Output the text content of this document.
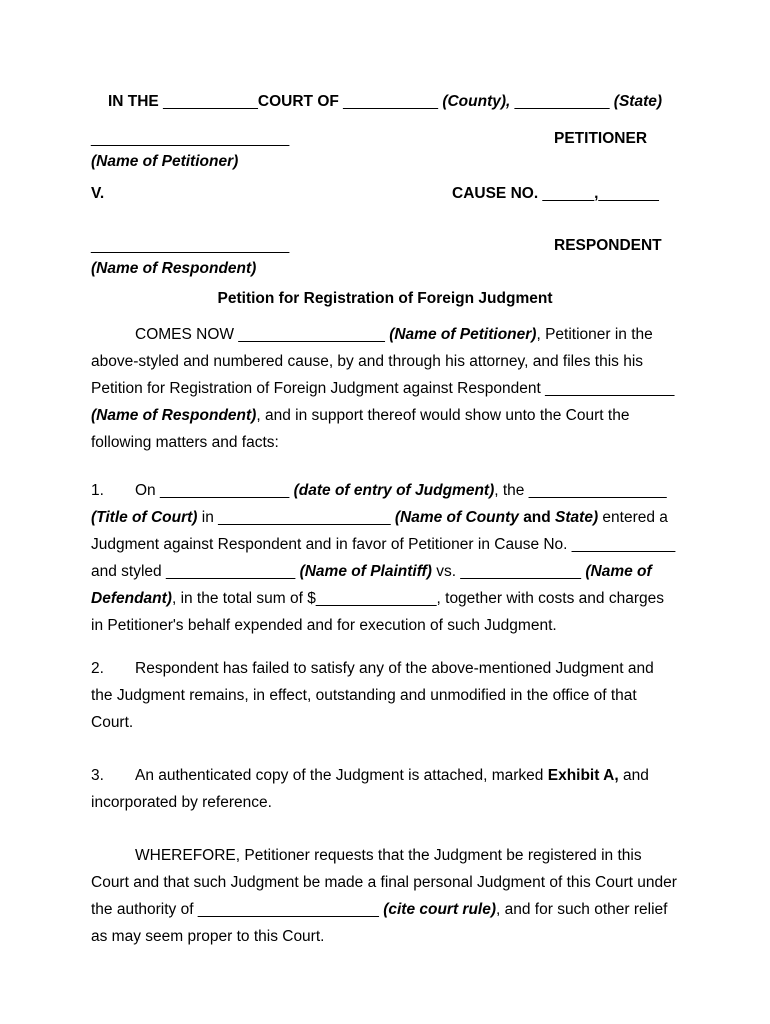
IN THE ___________COURT OF ___________ (County), ___________ (State)
_______________________	PETITIONER
(Name of Petitioner)
V.	CAUSE NO. ______,_______
_______________________	RESPONDENT
(Name of Respondent)
Petition for Registration of Foreign Judgment
COMES NOW _________________ (Name of Petitioner), Petitioner in the above-styled and numbered cause, by and through his attorney, and files this his Petition for Registration of Foreign Judgment against Respondent _______________ (Name of Respondent), and in support thereof would show unto the Court the following matters and facts:
1. On _______________ (date of entry of Judgment), the ________________ (Title of Court) in ____________________ (Name of County and State) entered a Judgment against Respondent and in favor of Petitioner in Cause No. ____________ and styled _______________ (Name of Plaintiff) vs. ______________ (Name of Defendant), in the total sum of $______________, together with costs and charges in Petitioner's behalf expended and for execution of such Judgment.
2. Respondent has failed to satisfy any of the above-mentioned Judgment and the Judgment remains, in effect, outstanding and unmodified in the office of that Court.
3. An authenticated copy of the Judgment is attached, marked Exhibit A, and incorporated by reference.
WHEREFORE, Petitioner requests that the Judgment be registered in this Court and that such Judgment be made a final personal Judgment of this Court under the authority of _____________________ (cite court rule), and for such other relief as may seem proper to this Court.
